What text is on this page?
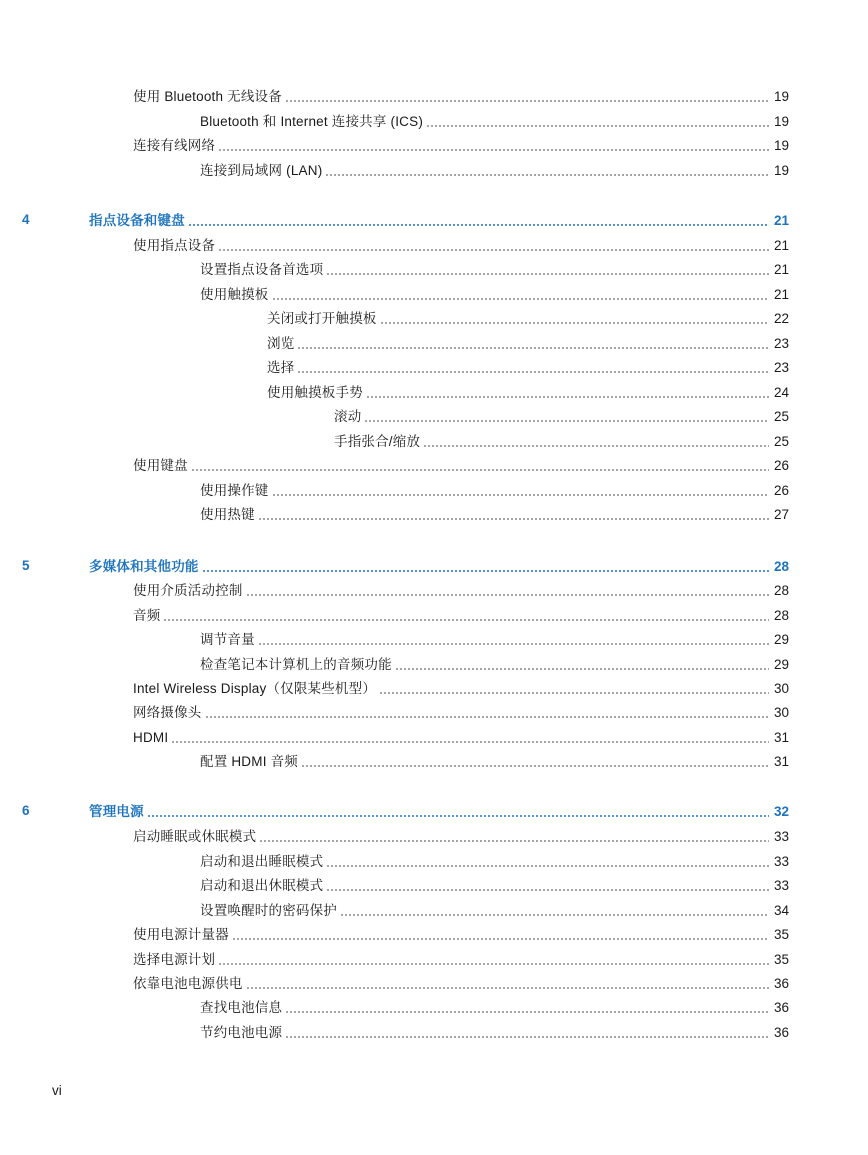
使用 Bluetooth 无线设备	19
Bluetooth 和 Internet 连接共享 (ICS)	19
连接有线网络	19
连接到局域网 (LAN)	19
4	指点设备和键盘	21
使用指点设备	21
设置指点设备首选项	21
使用触摸板	21
关闭或打开触摸板	22
浏览	23
选择	23
使用触摸板手势	24
滚动	25
手指张合/缩放	25
使用键盘	26
使用操作键	26
使用热键	27
5	多媒体和其他功能	28
使用介质活动控制	28
音频	28
调节音量	29
检查笔记本计算机上的音频功能	29
Intel Wireless Display（仅限某些机型）	30
网络摄像头	30
HDMI	31
配置 HDMI 音频	31
6	管理电源	32
启动睡眠或休眠模式	33
启动和退出睡眠模式	33
启动和退出休眠模式	33
设置唤醒时的密码保护	34
使用电源计量器	35
选择电源计划	35
依靠电池电源供电	36
查找电池信息	36
节约电池电源	36
vi
